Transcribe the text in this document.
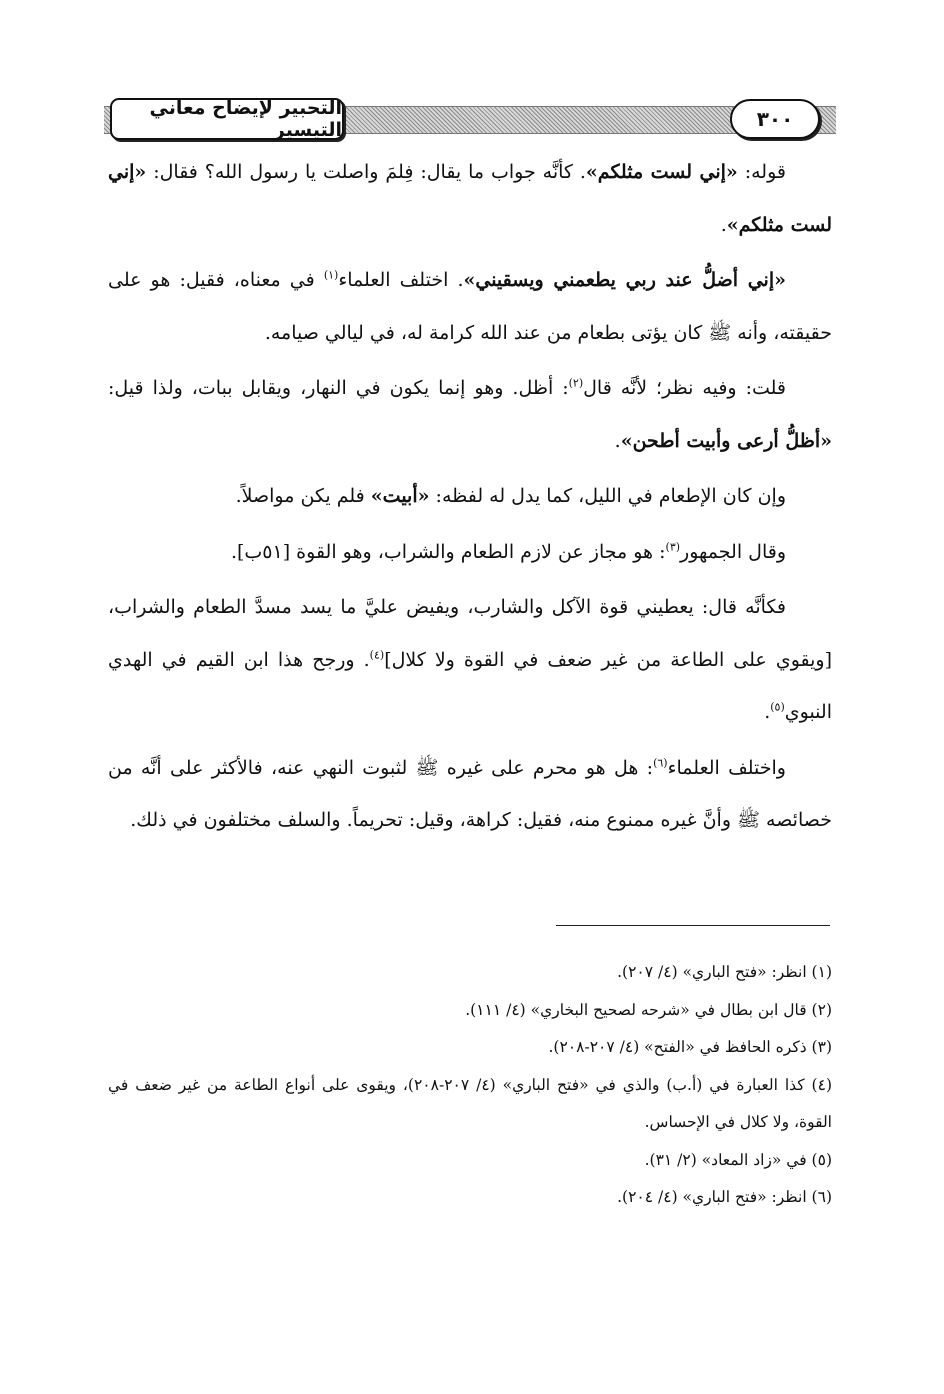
التحبير لإيضاح معاني التيسير	٣٠٠

قوله: «إني لست مثلكم». كأنَّه جواب ما يقال: فِلمَ واصلت يا رسول الله؟ فقال: «إني لست مثلكم».

«إني أضلُّ عند ربي يطعمني ويسقيني». اختلف العلماء$^{(١)}$ في معناه، فقيل: هو على حقيقته، وأنه ﷺ كان يؤتى بطعام من عند الله كرامة له، في ليالي صيامه.

قلت: وفيه نظر؛ لأنَّه قال$^{(٢)}$: أظل. وهو إنما يكون في النهار، ويقابل ببات، ولذا قيل: «أظلُّ أرعى وأبيت أطحن».

وإن كان الإطعام في الليل، كما يدل له لفظه: «أبيت» فلم يكن مواصلاً.

وقال الجمهور$^{(٣)}$: هو مجاز عن لازم الطعام والشراب، وهو القوة [٥١ب].

فكأنَّه قال: يعطيني قوة الآكل والشارب، ويفيض عليَّ ما يسد مسدَّ الطعام والشراب، [ويقوي على الطاعة من غير ضعف في القوة ولا كلال]$^{(٤)}$. ورجح هذا ابن القيم في الهدي النبوي$^{(٥)}$.

واختلف العلماء$^{(٦)}$: هل هو محرم على غيره ﷺ لثبوت النهي عنه، فالأكثر على أنَّه من خصائصه ﷺ وأنَّ غيره ممنوع منه، فقيل: كراهة، وقيل: تحريماً. والسلف مختلفون في ذلك.

(١) انظر: «فتح الباري» (٤/ ٢٠٧).

(٢) قال ابن بطال في «شرحه لصحيح البخاري» (٤/ ١١١).

(٣) ذكره الحافظ في «الفتح» (٤/ ٢٠٧-٢٠٨).

(٤) كذا العبارة في (أ.ب) والذي في «فتح الباري» (٤/ ٢٠٧-٢٠٨)، ويقوى على أنواع الطاعة من غير ضعف في القوة، ولا كلال في الإحساس.

(٥) في «زاد المعاد» (٢/ ٣١).

(٦) انظر: «فتح الباري» (٤/ ٢٠٤).
